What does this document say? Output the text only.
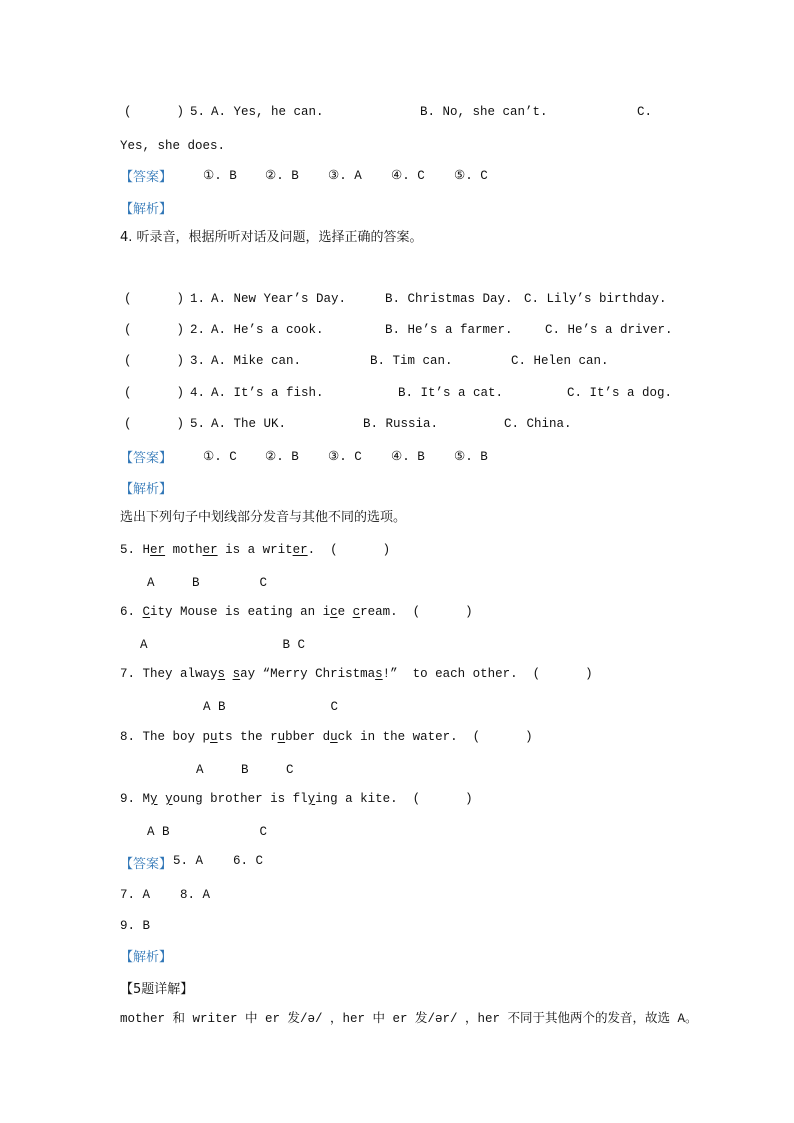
(      ) 5. A. Yes, he can.	B. No, she can’t.	C.
Yes, she does.
【答案】 ①. B ②. B ③. A ④. C ⑤. C
【解析】
4. 听录音，根据所听对话及问题，选择正确的答案。
(      ) 1. A. New Year’s Day.	B. Christmas Day. C. Lily’s birthday.
(      ) 2. A. He’s a cook.	B. He’s a farmer.	C. He’s a driver.
(      ) 3. A. Mike can.	B. Tim can.	C. Helen can.
(      ) 4. A. It’s a fish.	B. It’s a cat.	C. It’s a dog.
(      ) 5. A. The UK.	B. Russia.	C. China.
【答案】 ①. C ②. B ③. C ④. B ⑤. B
【解析】
选出下列句子中划线部分发音与其他不同的选项。
5. Her mother is a writer.  (      )
A     B        C
6. City Mouse is eating an ice cream.  (      )
A                  B C
7. They always say “Merry Christmas!”  to each other.  (      )
A B              C
8. The boy puts the rubber duck in the water.  (      )
A     B     C
9. My young brother is flying a kite.  (      )
A B            C
【答案】 5. A    6. C
7. A    8. A
9. B
【解析】
【5题详解】
mother 和 writer 中 er 发/ə/ ，her 中 er 发/ər/ ，her 不同于其他两个的发音，故选 A。
